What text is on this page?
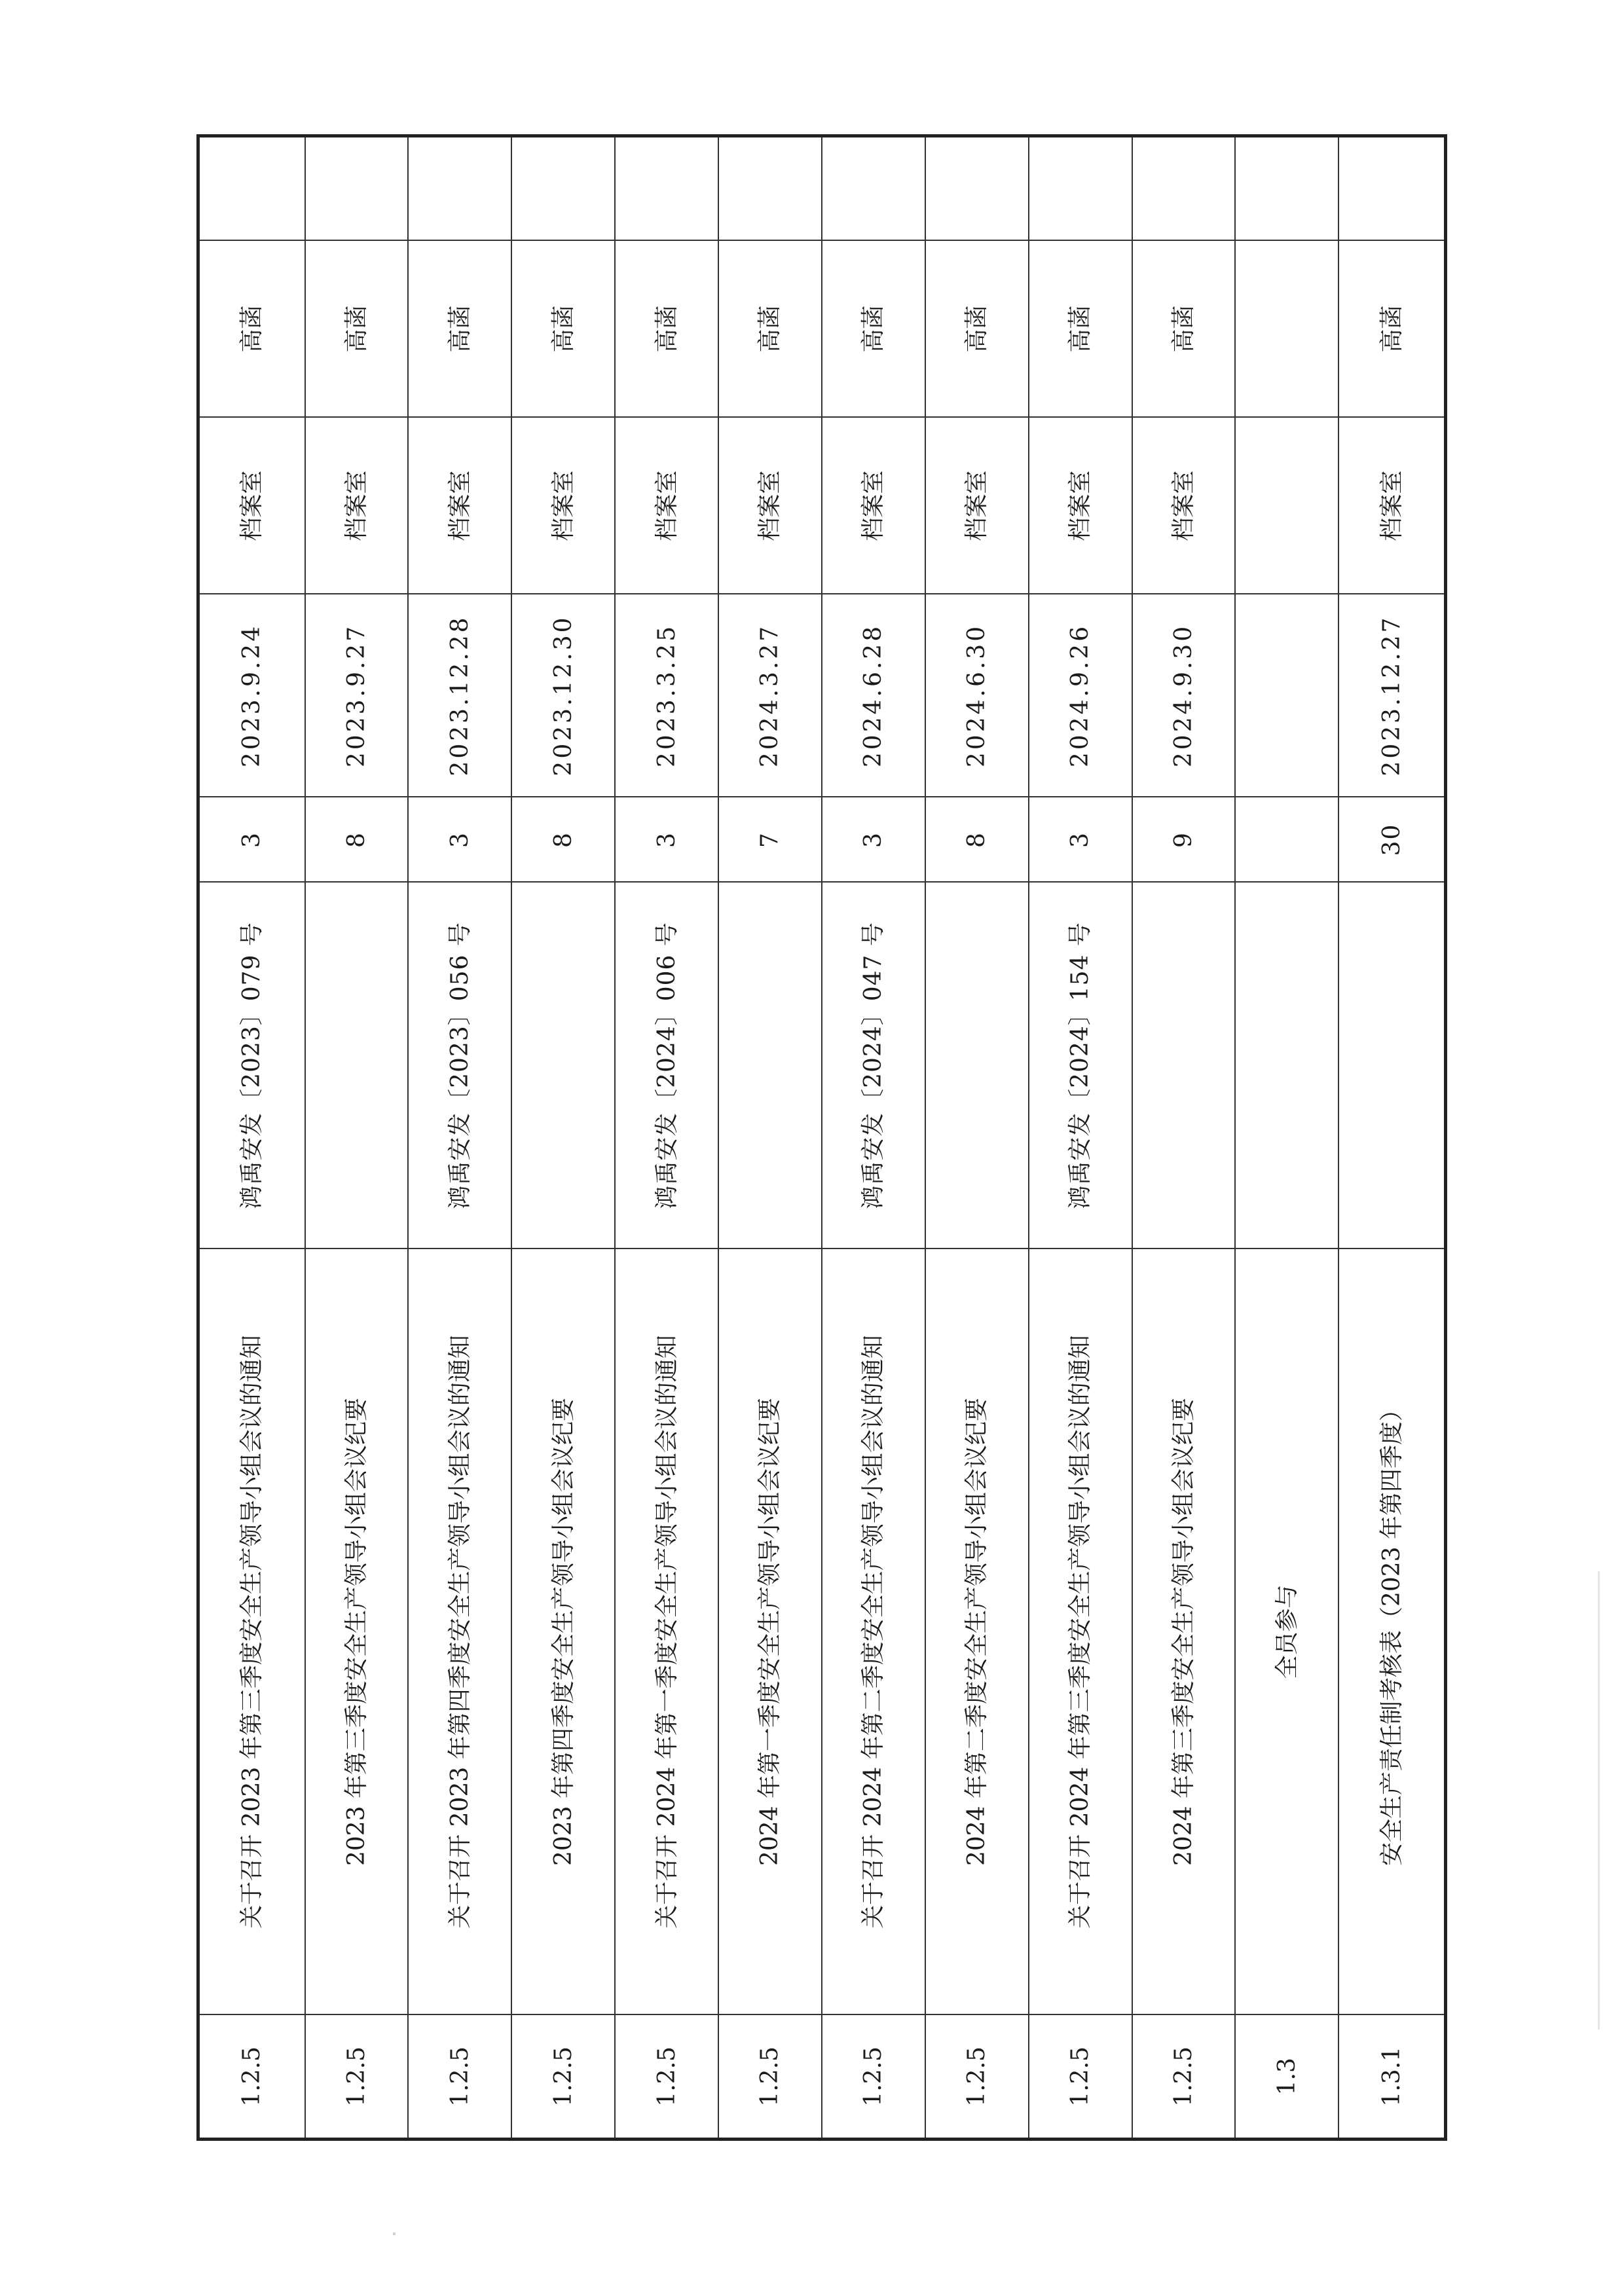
1.2.5	关于召开 2023 年第三季度安全生产领导小组会议的通知	鸿禹安发〔2023〕079 号	3	2023.9.24	档案室	高菡	
1.2.5	2023 年第三季度安全生产领导小组会议纪要		8	2023.9.27	档案室	高菡	
1.2.5	关于召开 2023 年第四季度安全生产领导小组会议的通知	鸿禹安发〔2023〕056 号	3	2023.12.28	档案室	高菡	
1.2.5	2023 年第四季度安全生产领导小组会议纪要		8	2023.12.30	档案室	高菡	
1.2.5	关于召开 2024 年第一季度安全生产领导小组会议的通知	鸿禹安发〔2024〕006 号	3	2023.3.25	档案室	高菡	
1.2.5	2024 年第一季度安全生产领导小组会议纪要		7	2024.3.27	档案室	高菡	
1.2.5	关于召开 2024 年第二季度安全生产领导小组会议的通知	鸿禹安发〔2024〕047 号	3	2024.6.28	档案室	高菡	
1.2.5	2024 年第二季度安全生产领导小组会议纪要		8	2024.6.30	档案室	高菡	
1.2.5	关于召开 2024 年第三季度安全生产领导小组会议的通知	鸿禹安发〔2024〕154 号	3	2024.9.26	档案室	高菡	
1.2.5	2024 年第三季度安全生产领导小组会议纪要		9	2024.9.30	档案室	高菡	
1.3	全员参与						
1.3.1	安全生产责任制考核表（2023 年第四季度）		30	2023.12.27	档案室	高菡	
